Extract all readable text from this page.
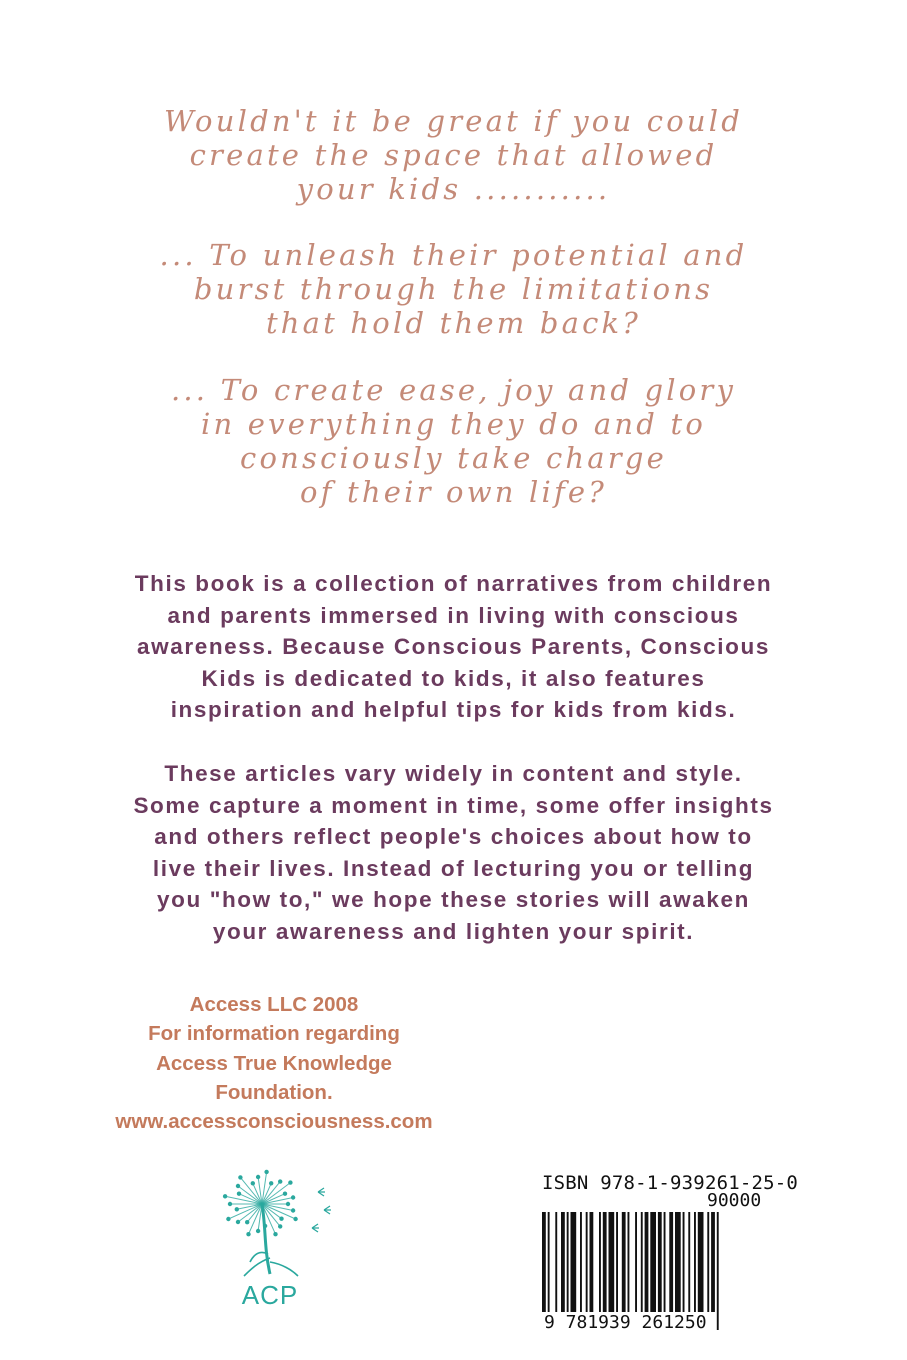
Wouldn't it be great if you could
create the space that allowed
your kids ...........
... To unleash their potential and
burst through the limitations
that hold them back?
... To create ease, joy and glory
in everything they do and to
consciously take charge
of their own life?
This book is a collection of narratives from children
and parents immersed in living with conscious
awareness. Because Conscious Parents, Conscious
Kids is dedicated to kids, it also features
inspiration and helpful tips for kids from kids.
These articles vary widely in content and style.
Some capture a moment in time, some offer insights
and others reflect people's choices about how to
live their lives. Instead of lecturing you or telling
you "how to," we hope these stories will awaken
your awareness and lighten your spirit.
Access LLC 2008
For information regarding
Access True Knowledge
Foundation.
www.accessconsciousness.com
ACP
ISBN 978-1-939261-25-0
90000
9 781939 261250
